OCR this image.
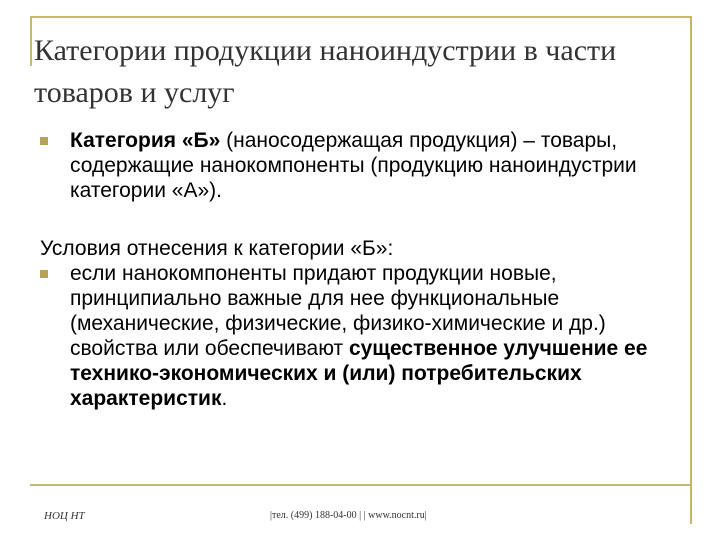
Категории продукции наноиндустрии в части товаров и услуг
Категория «Б» (наносодержащая продукция) – товары, содержащие нанокомпоненты (продукцию наноиндустрии категории «А»).
Условия отнесения к категории «Б»:
если нанокомпоненты придают продукции новые, принципиально важные для нее функциональные (механические, физические, физико-химические и др.) свойства или обеспечивают существенное улучшение ее технико-экономических и (или) потребительских характеристик.
НОЦ НТ	|тел. (499) 188-04-00 | | www.nocnt.ru|
